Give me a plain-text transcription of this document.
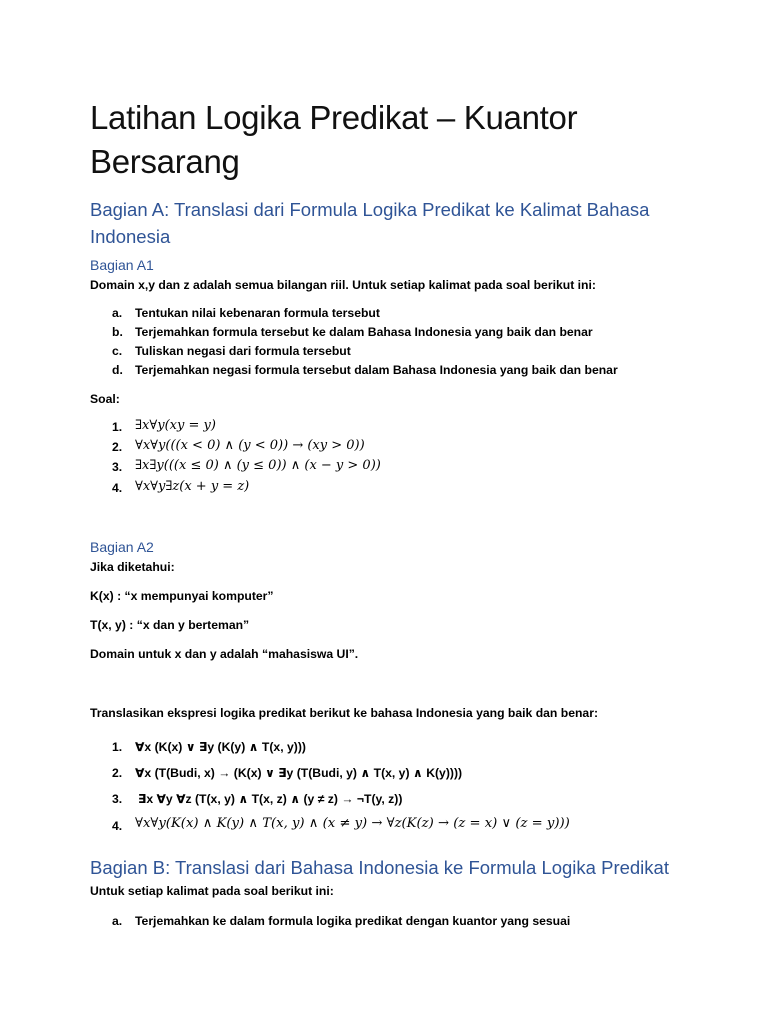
Latihan Logika Predikat – Kuantor
Bersarang
Bagian A: Translasi dari Formula Logika Predikat ke Kalimat Bahasa
Indonesia
Bagian A1
Domain x,y dan z adalah semua bilangan riil. Untuk setiap kalimat pada soal berikut ini:
a. Tentukan nilai kebenaran formula tersebut
b. Terjemahkan formula tersebut ke dalam Bahasa Indonesia yang baik dan benar
c. Tuliskan negasi dari formula tersebut
d. Terjemahkan negasi formula tersebut dalam Bahasa Indonesia yang baik dan benar
Soal:
1. ∃x∀y(xy = y)
2. ∀x∀y(((x < 0) ∧ (y < 0)) → (xy > 0))
3. ∃x∃y(((x ≤ 0) ∧ (y ≤ 0)) ∧ (x − y > 0))
4. ∀x∀y∃z(x + y = z)
Bagian A2
Jika diketahui:
K(x) : “x mempunyai komputer”
T(x, y) : “x dan y berteman”
Domain untuk x dan y adalah “mahasiswa UI”.
Translasikan ekspresi logika predikat berikut ke bahasa Indonesia yang baik dan benar:
1. ∀x (K(x) ∨ ∃y (K(y) ∧ T(x, y)))
2. ∀x (T(Budi, x) → (K(x) ∨ ∃y (T(Budi, y) ∧ T(x, y) ∧ K(y))))
3. ∃x ∀y ∀z (T(x, y) ∧ T(x, z) ∧ (y ≠ z) → ¬T(y, z))
4. ∀x∀y(K(x) ∧ K(y) ∧ T(x, y) ∧ (x ≠ y) → ∀z(K(z) → (z = x) ∨ (z = y)))
Bagian B: Translasi dari Bahasa Indonesia ke Formula Logika Predikat
Untuk setiap kalimat pada soal berikut ini:
a. Terjemahkan ke dalam formula logika predikat dengan kuantor yang sesuai
